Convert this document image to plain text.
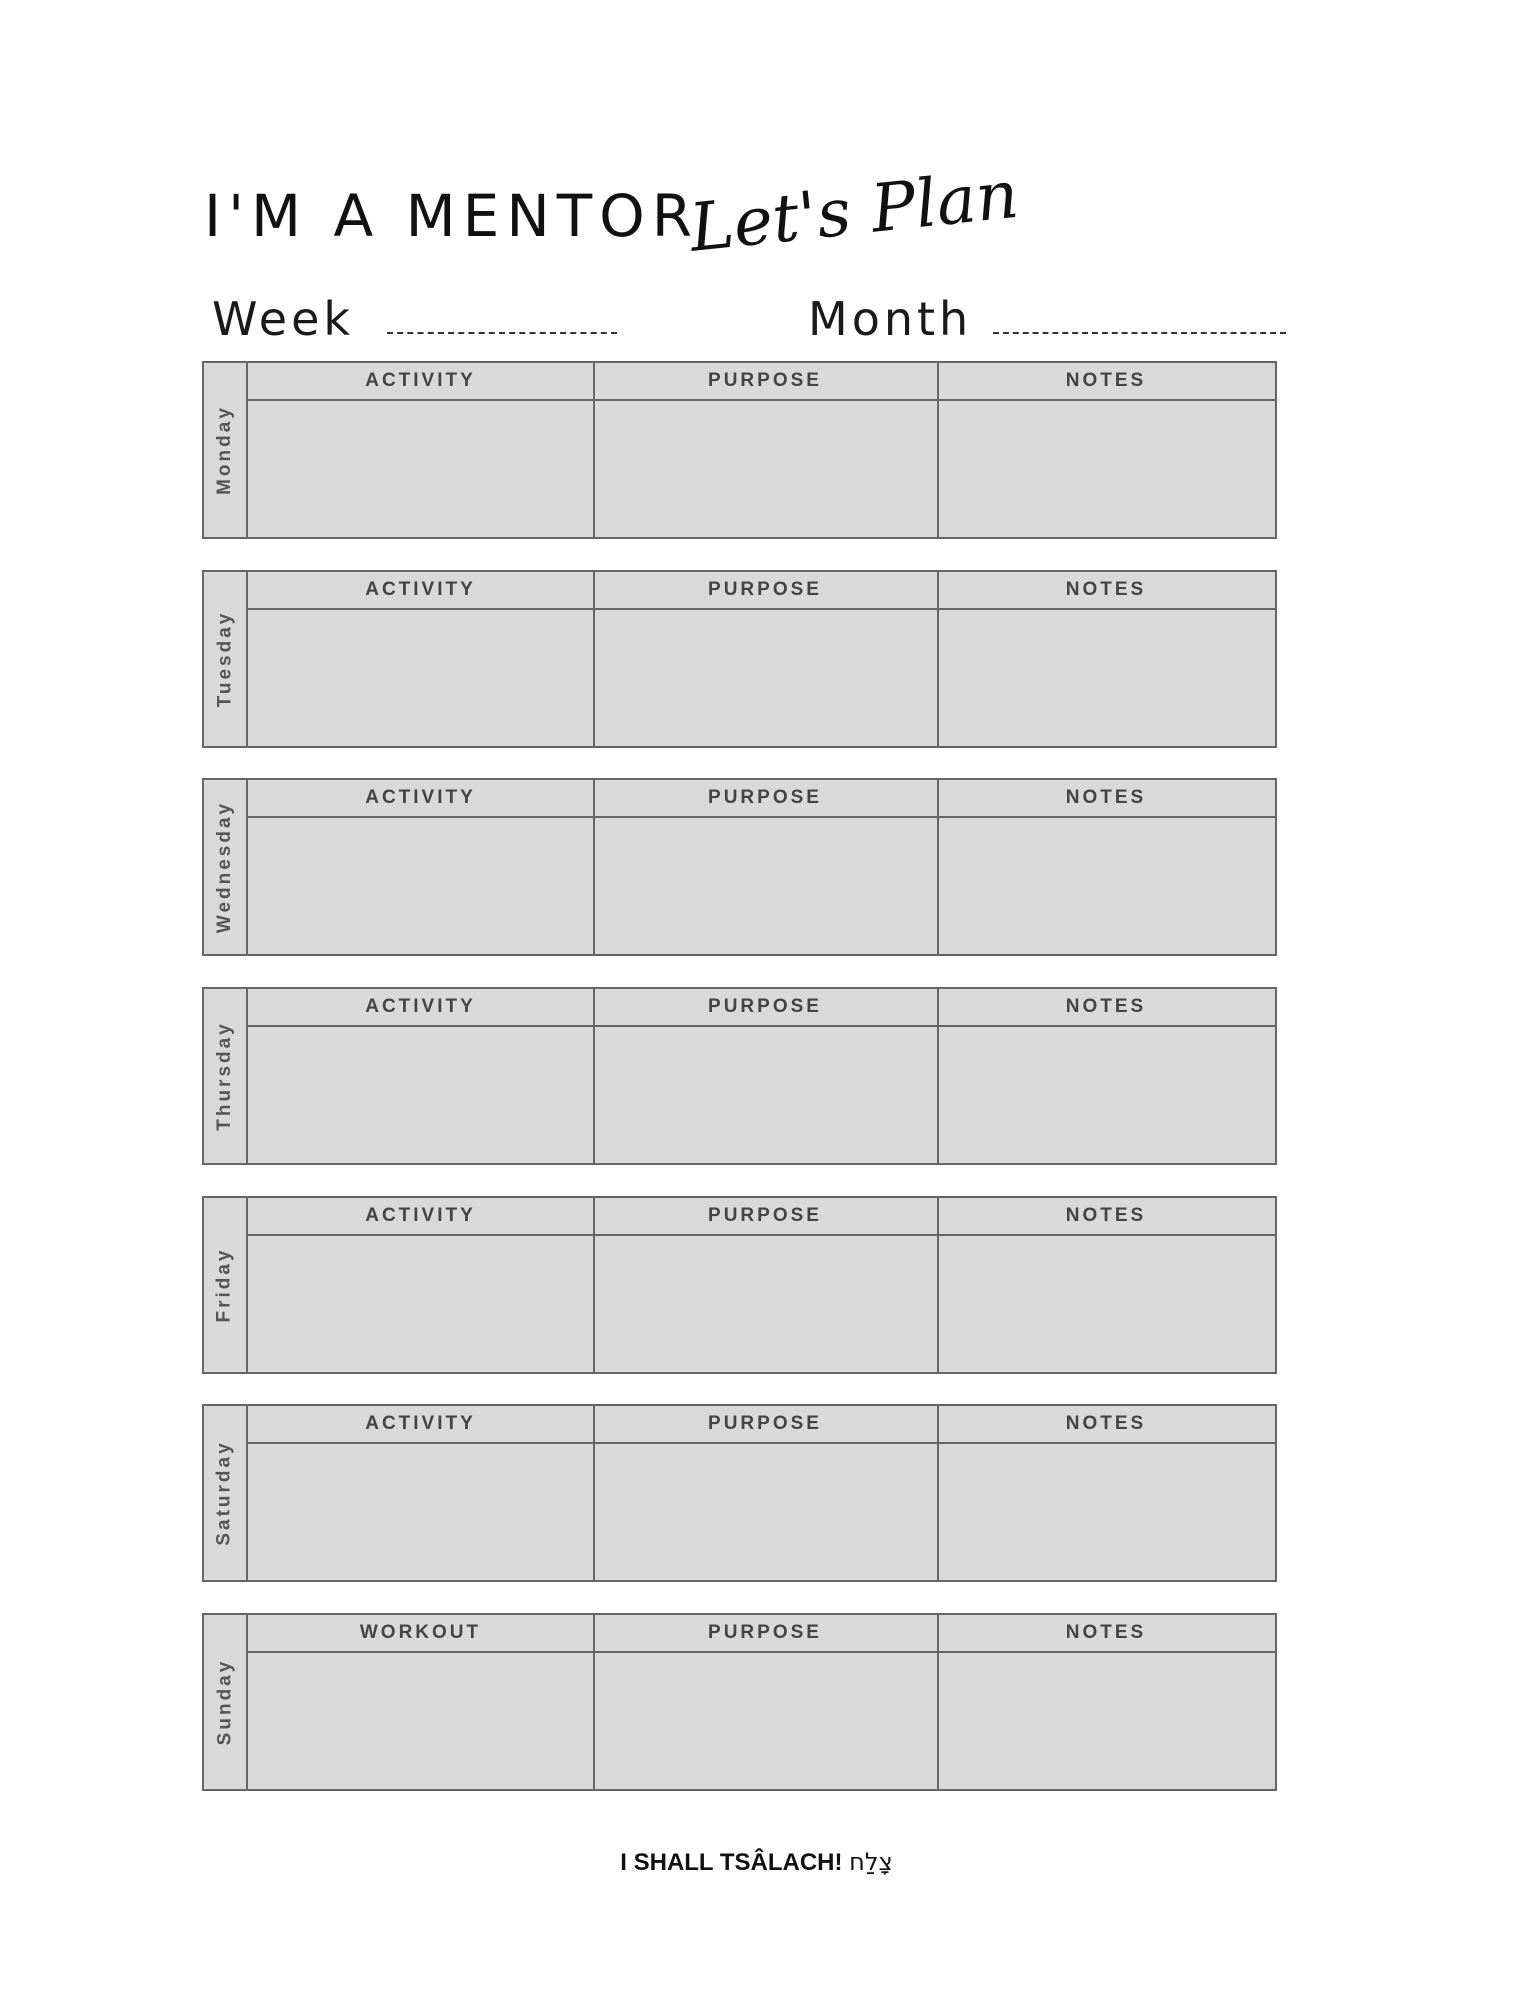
I'M A MENTOR
Let's Plan
Week	Month
Monday
ACTIVITY	PURPOSE	NOTES
Tuesday
ACTIVITY	PURPOSE	NOTES
Wednesday
ACTIVITY	PURPOSE	NOTES
Thursday
ACTIVITY	PURPOSE	NOTES
Friday
ACTIVITY	PURPOSE	NOTES
Saturday
ACTIVITY	PURPOSE	NOTES
Sunday
WORKOUT	PURPOSE	NOTES
I SHALL TSÂLACH! צָלַח
